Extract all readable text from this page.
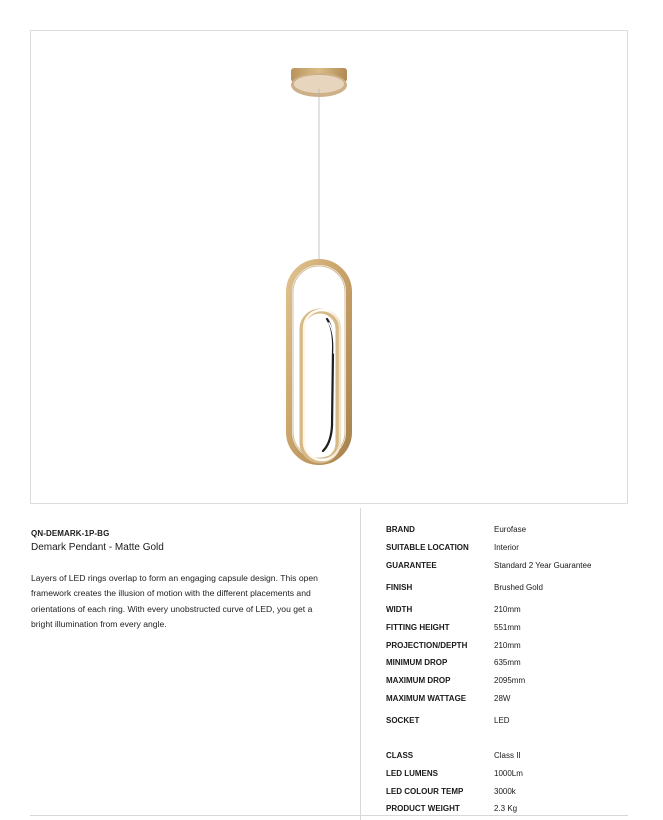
QN-DEMARK-1P-BG

Demark Pendant - Matte Gold

Layers of LED rings overlap to form an engaging capsule design. This open framework creates the illusion of motion with the different placements and orientations of each ring. With every unobstructed curve of LED, you get a bright illumination from every angle.

BRAND	Eurofase
SUITABLE LOCATION	Interior
GUARANTEE	Standard 2 Year Guarantee
FINISH	Brushed Gold
WIDTH	210mm
FITTING HEIGHT	551mm
PROJECTION/DEPTH	210mm
MINIMUM DROP	635mm
MAXIMUM DROP	2095mm
MAXIMUM WATTAGE	28W
SOCKET	LED
CLASS	Class II
LED LUMENS	1000Lm
LED COLOUR TEMP	3000k
PRODUCT WEIGHT	2.3 Kg
